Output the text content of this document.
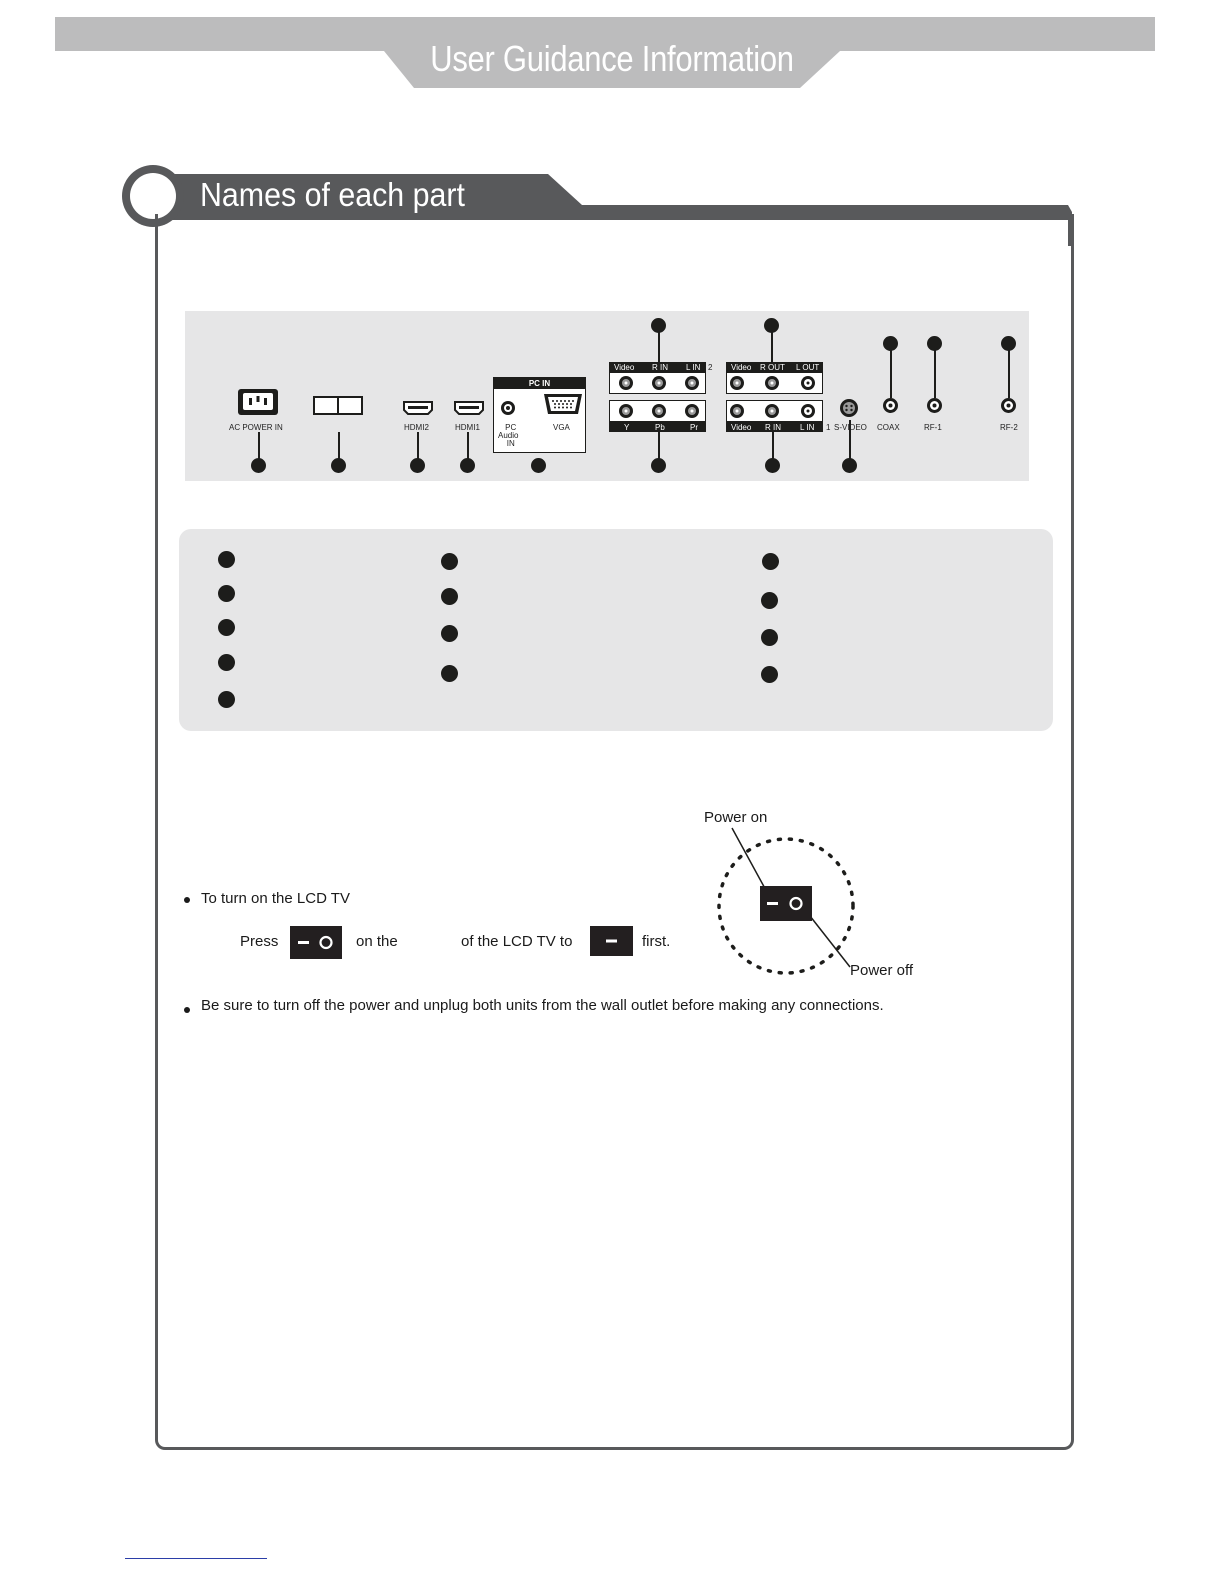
User Guidance Information
Names of each part
AC POWER IN	HDMI2	HDMI1
PC IN
PC
Audio
IN
VGA
Video R IN L IN 2
Y	Pb	Pr
Video R OUT L OUT
Video R IN L IN 1 S-VIDEO COAX	RF-1	RF-2
To turn on the LCD TV
Press	on the	of the LCD TV to	first.
Be sure to turn off the power and unplug both units from the wall outlet before making any connections.
Power on
Power off
